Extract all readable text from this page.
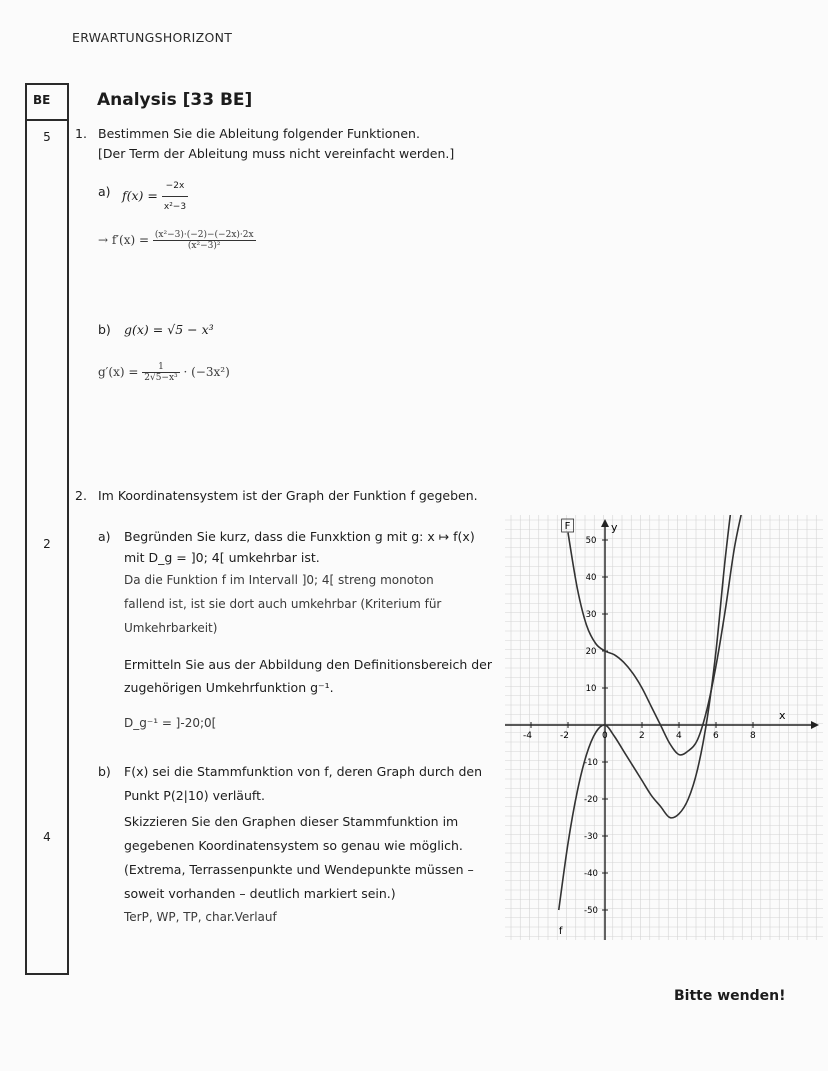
ERWARTUNGSHORIZONT
BE
5
2
4
Analysis [33 BE]
1. Bestimmen Sie die Ableitung folgender Funktionen.
[Der Term der Ableitung muss nicht vereinfacht werden.]
a) $f(x) = \frac{-2x}{\text{x²−3}}$
→ $f'(x) = \frac{\text{(x²−3)·(−2)−(−2x)·2x}}{\text{(x²−3)²}}$
b) g(x) = √5 − x³
$g'(x) = \frac{1}{\text{2√5−x³}} \cdot (-3x^2)$
2. Im Koordinatensystem ist der Graph der Funktion f gegeben.
a) Begründen Sie kurz, dass die Funxktion g mit g: x ↦ f(x)
mit D_g = ]0; 4[ umkehrbar ist.
Da die Funktion f im Intervall ]0; 4[ streng monoton
fallend ist, ist sie dort auch umkehrbar (Kriterium für
Umkehrbarkeit)
Ermitteln Sie aus der Abbildung den Definitionsbereich der
zugehörigen Umkehrfunktion g⁻¹.
D_g⁻¹ = ]-20;0[
b) F(x) sei die Stammfunktion von f, deren Graph durch den
Punkt P(2|10) verläuft.
Skizzieren Sie den Graphen dieser Stammfunktion im
gegebenen Koordinatensystem so genau wie möglich.
(Extrema, Terrassenpunkte und Wendepunkte müssen –
soweit vorhanden – deutlich markiert sein.)
TerP, WP, TP, char.Verlauf
x
y
-4	-2	0	2	4	6	8
50
40
30
20
10
-10
-20
-30
-40
-50
F
f
Bitte wenden!
